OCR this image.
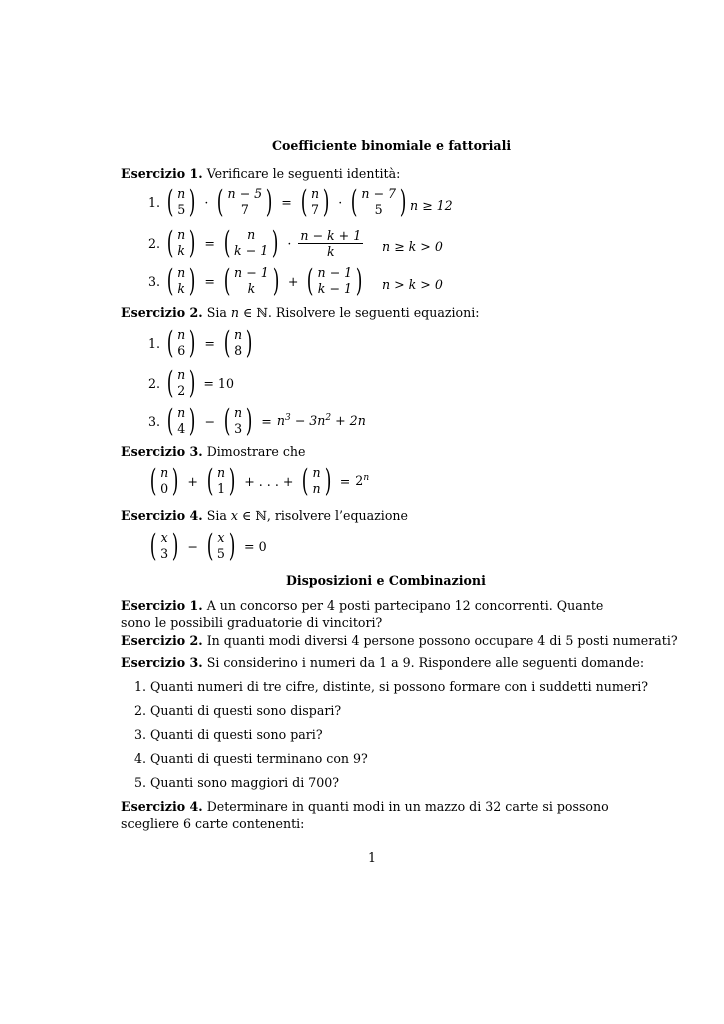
Coefficiente binomiale e fattoriali
Esercizio 1. Verificare le seguenti identità:
1. ( n
5 ) · ( n − 5
7 ) = ( n
7 ) · ( n − 7
5 ) n ≥ 12
2. ( n
k ) = ( n
k − 1 ) · $\frac{n - k + 1}{k}$ n ≥ k > 0
3. ( n
k ) = ( n − 1
k ) + ( n − 1
k − 1 ) n > k > 0
Esercizio 2. Sia n ∈ ℕ. Risolvere le seguenti equazioni:
1. ( n
6 ) = ( n
8 )
2. ( n
2 ) = 10
3. ( n
4 ) − ( n
3 ) = $n^3 - 3n^2 + 2n$
Esercizio 3. Dimostrare che
( n
0 ) + ( n
1 ) + . . . + ( n
n ) = $2^n$
Esercizio 4. Sia x ∈ ℕ, risolvere l’equazione
( x
3 ) − ( x
5 ) = 0
Disposizioni e Combinazioni
Esercizio 1. A un concorso per 4 posti partecipano 12 concorrenti. Quante sono le possibili graduatorie di vincitori?
Esercizio 2. In quanti modi diversi 4 persone possono occupare 4 di 5 posti numerati?
Esercizio 3. Si considerino i numeri da 1 a 9. Rispondere alle seguenti domande:
1. Quanti numeri di tre cifre, distinte, si possono formare con i suddetti numeri?
2. Quanti di questi sono dispari?
3. Quanti di questi sono pari?
4. Quanti di questi terminano con 9?
5. Quanti sono maggiori di 700?
Esercizio 4. Determinare in quanti modi in un mazzo di 32 carte si possono scegliere 6 carte contenenti:
1
